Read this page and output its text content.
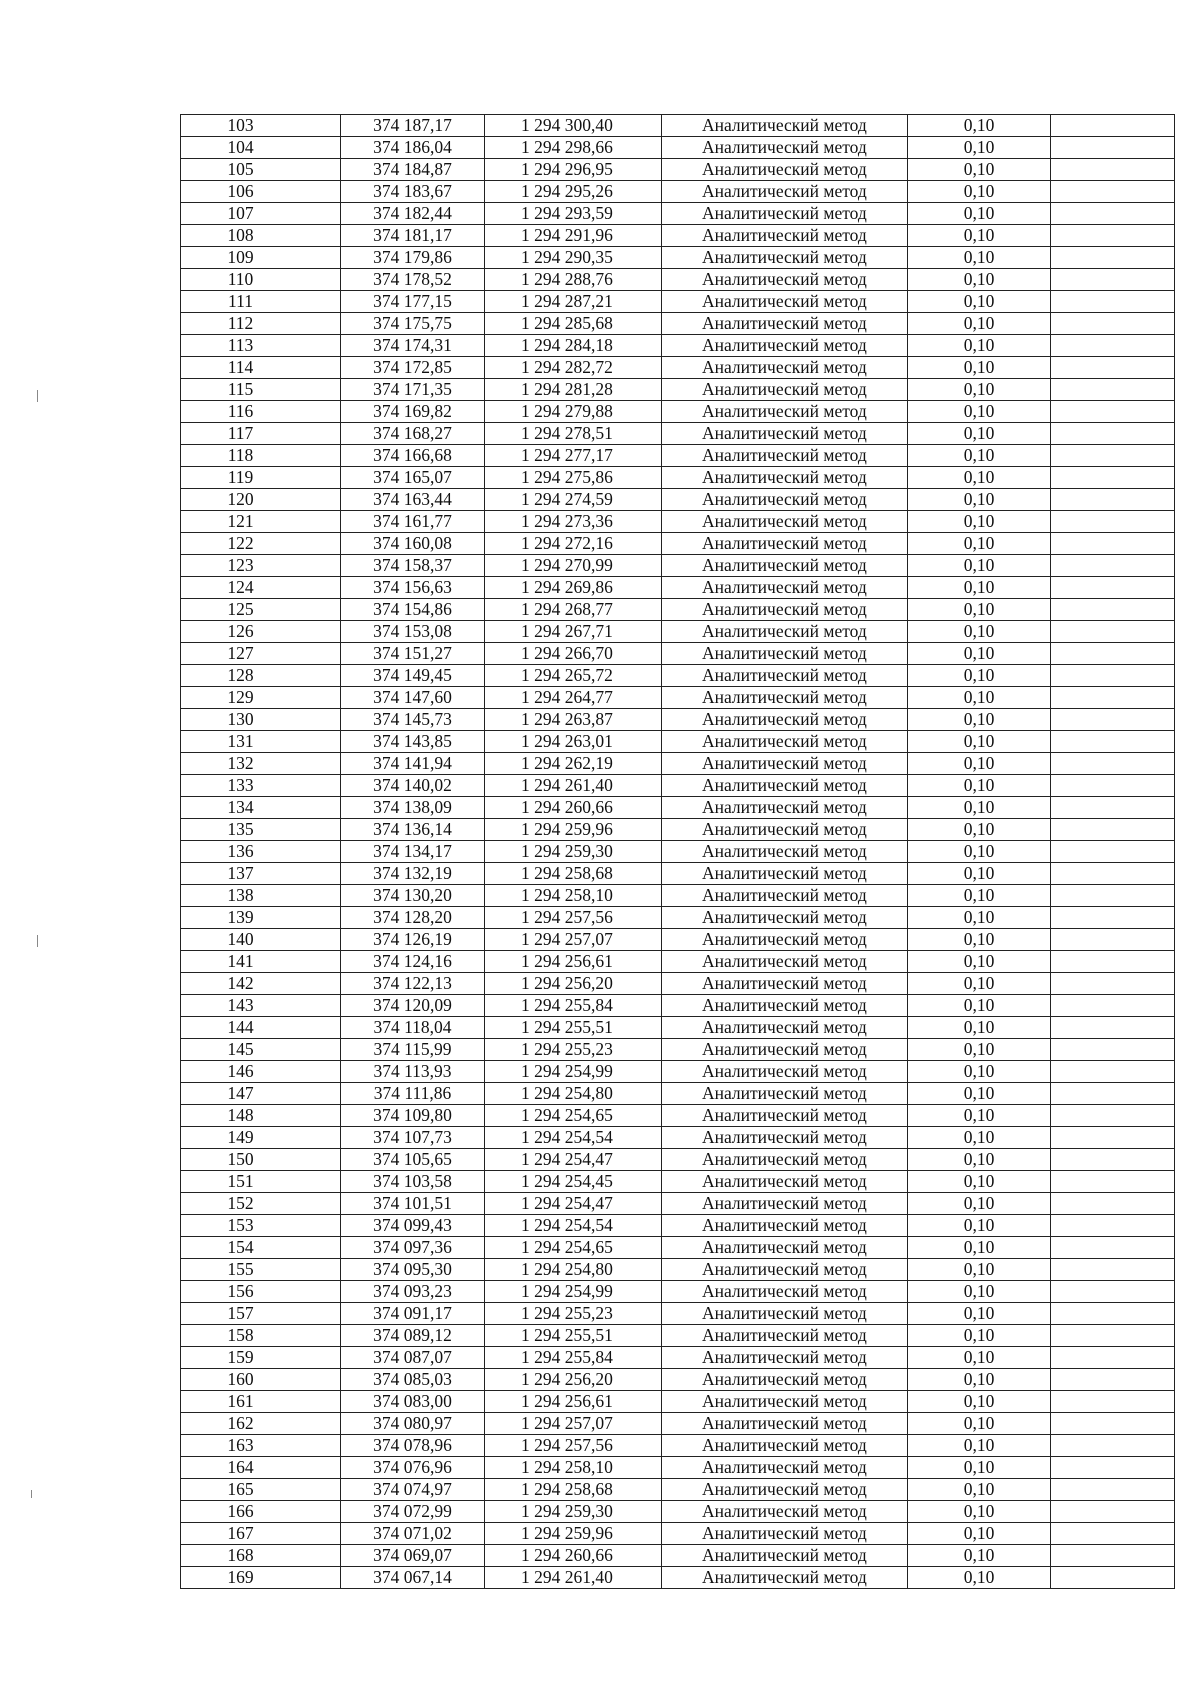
103	374 187,17	1 294 300,40	Аналитический метод	0,10	
104	374 186,04	1 294 298,66	Аналитический метод	0,10	
105	374 184,87	1 294 296,95	Аналитический метод	0,10	
106	374 183,67	1 294 295,26	Аналитический метод	0,10	
107	374 182,44	1 294 293,59	Аналитический метод	0,10	
108	374 181,17	1 294 291,96	Аналитический метод	0,10	
109	374 179,86	1 294 290,35	Аналитический метод	0,10	
110	374 178,52	1 294 288,76	Аналитический метод	0,10	
111	374 177,15	1 294 287,21	Аналитический метод	0,10	
112	374 175,75	1 294 285,68	Аналитический метод	0,10	
113	374 174,31	1 294 284,18	Аналитический метод	0,10	
114	374 172,85	1 294 282,72	Аналитический метод	0,10	
115	374 171,35	1 294 281,28	Аналитический метод	0,10	
116	374 169,82	1 294 279,88	Аналитический метод	0,10	
117	374 168,27	1 294 278,51	Аналитический метод	0,10	
118	374 166,68	1 294 277,17	Аналитический метод	0,10	
119	374 165,07	1 294 275,86	Аналитический метод	0,10	
120	374 163,44	1 294 274,59	Аналитический метод	0,10	
121	374 161,77	1 294 273,36	Аналитический метод	0,10	
122	374 160,08	1 294 272,16	Аналитический метод	0,10	
123	374 158,37	1 294 270,99	Аналитический метод	0,10	
124	374 156,63	1 294 269,86	Аналитический метод	0,10	
125	374 154,86	1 294 268,77	Аналитический метод	0,10	
126	374 153,08	1 294 267,71	Аналитический метод	0,10	
127	374 151,27	1 294 266,70	Аналитический метод	0,10	
128	374 149,45	1 294 265,72	Аналитический метод	0,10	
129	374 147,60	1 294 264,77	Аналитический метод	0,10	
130	374 145,73	1 294 263,87	Аналитический метод	0,10	
131	374 143,85	1 294 263,01	Аналитический метод	0,10	
132	374 141,94	1 294 262,19	Аналитический метод	0,10	
133	374 140,02	1 294 261,40	Аналитический метод	0,10	
134	374 138,09	1 294 260,66	Аналитический метод	0,10	
135	374 136,14	1 294 259,96	Аналитический метод	0,10	
136	374 134,17	1 294 259,30	Аналитический метод	0,10	
137	374 132,19	1 294 258,68	Аналитический метод	0,10	
138	374 130,20	1 294 258,10	Аналитический метод	0,10	
139	374 128,20	1 294 257,56	Аналитический метод	0,10	
140	374 126,19	1 294 257,07	Аналитический метод	0,10	
141	374 124,16	1 294 256,61	Аналитический метод	0,10	
142	374 122,13	1 294 256,20	Аналитический метод	0,10	
143	374 120,09	1 294 255,84	Аналитический метод	0,10	
144	374 118,04	1 294 255,51	Аналитический метод	0,10	
145	374 115,99	1 294 255,23	Аналитический метод	0,10	
146	374 113,93	1 294 254,99	Аналитический метод	0,10	
147	374 111,86	1 294 254,80	Аналитический метод	0,10	
148	374 109,80	1 294 254,65	Аналитический метод	0,10	
149	374 107,73	1 294 254,54	Аналитический метод	0,10	
150	374 105,65	1 294 254,47	Аналитический метод	0,10	
151	374 103,58	1 294 254,45	Аналитический метод	0,10	
152	374 101,51	1 294 254,47	Аналитический метод	0,10	
153	374 099,43	1 294 254,54	Аналитический метод	0,10	
154	374 097,36	1 294 254,65	Аналитический метод	0,10	
155	374 095,30	1 294 254,80	Аналитический метод	0,10	
156	374 093,23	1 294 254,99	Аналитический метод	0,10	
157	374 091,17	1 294 255,23	Аналитический метод	0,10	
158	374 089,12	1 294 255,51	Аналитический метод	0,10	
159	374 087,07	1 294 255,84	Аналитический метод	0,10	
160	374 085,03	1 294 256,20	Аналитический метод	0,10	
161	374 083,00	1 294 256,61	Аналитический метод	0,10	
162	374 080,97	1 294 257,07	Аналитический метод	0,10	
163	374 078,96	1 294 257,56	Аналитический метод	0,10	
164	374 076,96	1 294 258,10	Аналитический метод	0,10	
165	374 074,97	1 294 258,68	Аналитический метод	0,10	
166	374 072,99	1 294 259,30	Аналитический метод	0,10	
167	374 071,02	1 294 259,96	Аналитический метод	0,10	
168	374 069,07	1 294 260,66	Аналитический метод	0,10	
169	374 067,14	1 294 261,40	Аналитический метод	0,10	
